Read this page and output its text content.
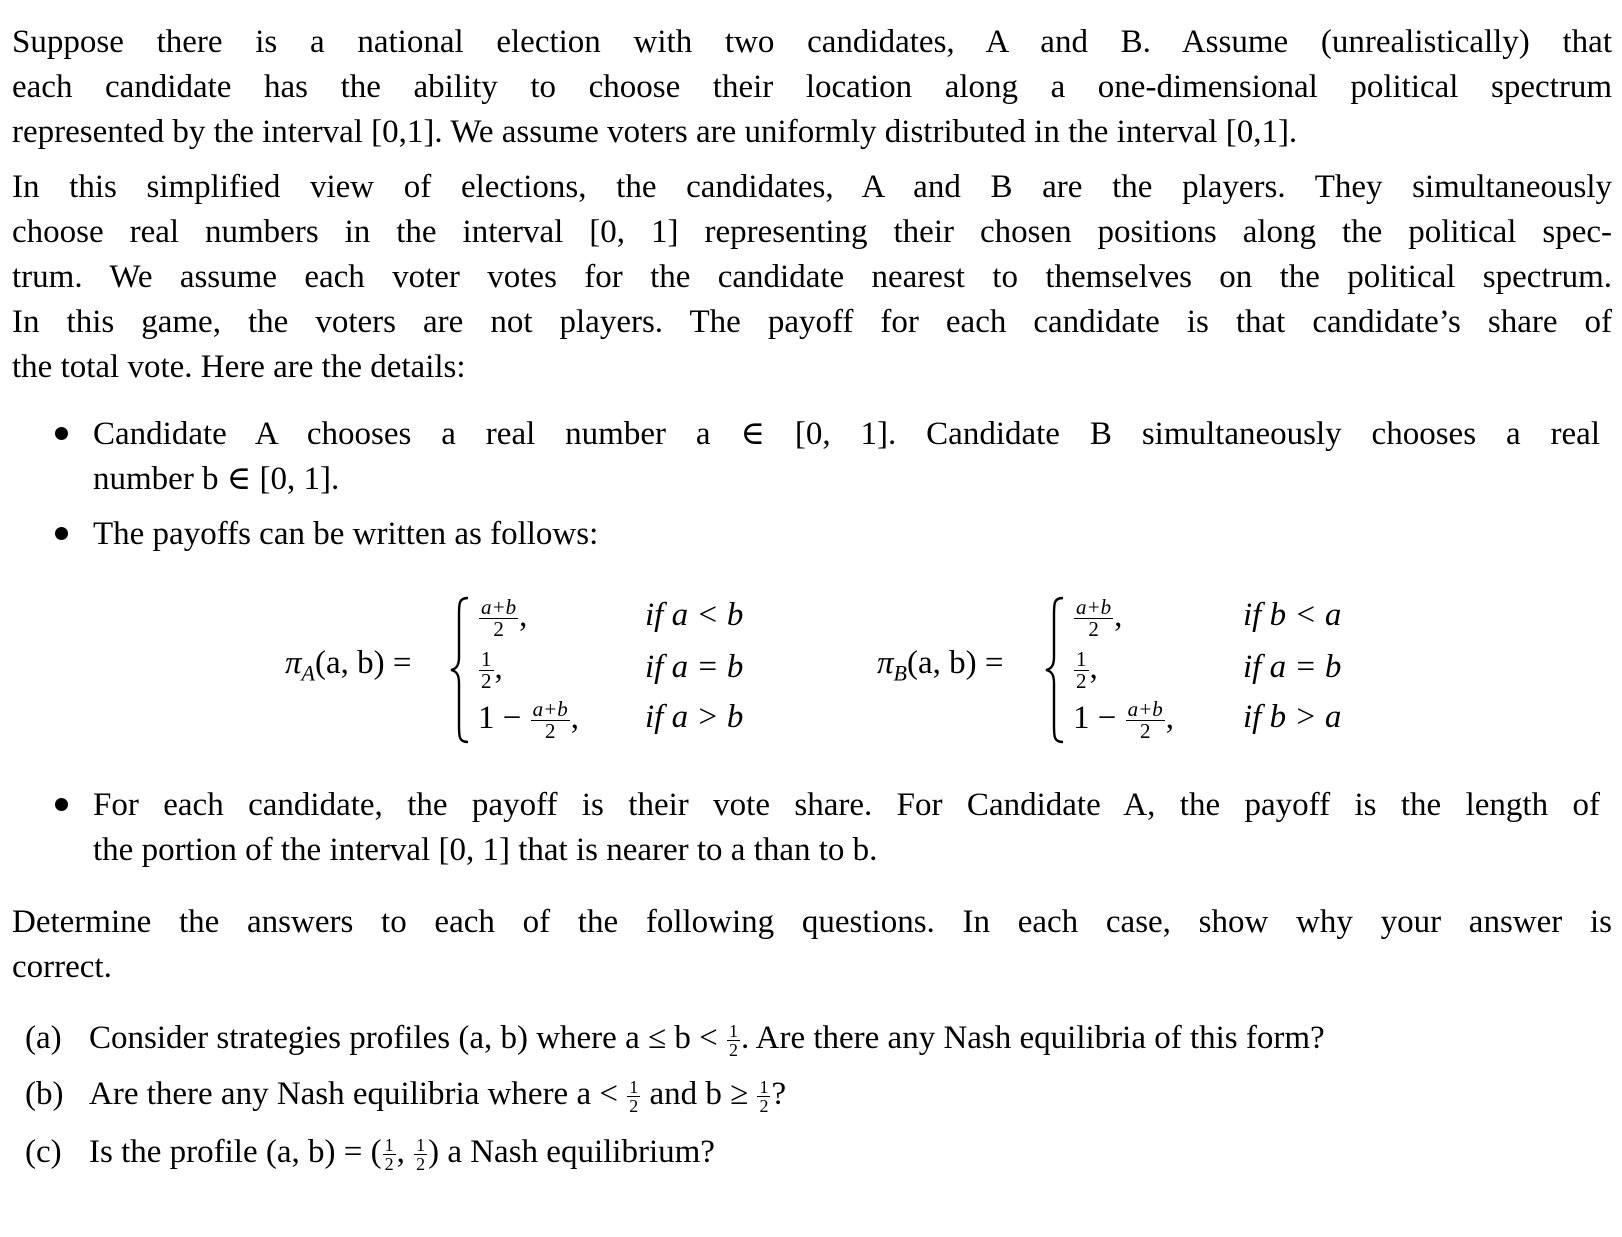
Suppose there is a national election with two candidates, A and B. Assume (unrealistically) that
each candidate has the ability to choose their location along a one-dimensional political spectrum
represented by the interval [0,1]. We assume voters are uniformly distributed in the interval [0,1].
In this simplified view of elections, the candidates, A and B are the players. They simultaneously
choose real numbers in the interval [0, 1] representing their chosen positions along the political spec-
trum. We assume each voter votes for the candidate nearest to themselves on the political spectrum.
In this game, the voters are not players. The payoff for each candidate is that candidate’s share of
the total vote. Here are the details:
Candidate A chooses a real number a ∈ [0, 1]. Candidate B simultaneously chooses a real
number b ∈ [0, 1].
The payoffs can be written as follows:
$\pi_A(a$, b) =
$\frac{a+b}{2}$ ,
$\frac{1}{2}$ ,
$1 - \frac{a+b}{2}$ ,
if a < b
if a = b
if a > b
$\pi_B(a$, b) =
$\frac{a+b}{2}$ ,
$\frac{1}{2}$ ,
$1 - \frac{a+b}{2}$ ,
if b < a
if a = b
if b > a
For each candidate, the payoff is their vote share. For Candidate A, the payoff is the length of
the portion of the interval [0, 1] that is nearer to a than to b.
Determine the answers to each of the following questions. In each case, show why your answer is
correct.
(a) Consider strategies profiles (a, b) where $a \le b < \frac{1}{2}$ . Are there any Nash equilibria of this form?
(b) Are there any Nash equilibria where $a < \frac{1}{2}$ and $b \ge \frac{1}{2}$ ?
(c) Is the profile (a, b) = ( $\frac{1}{2}$ , $\frac{1}{2}$ ) a Nash equilibrium?
